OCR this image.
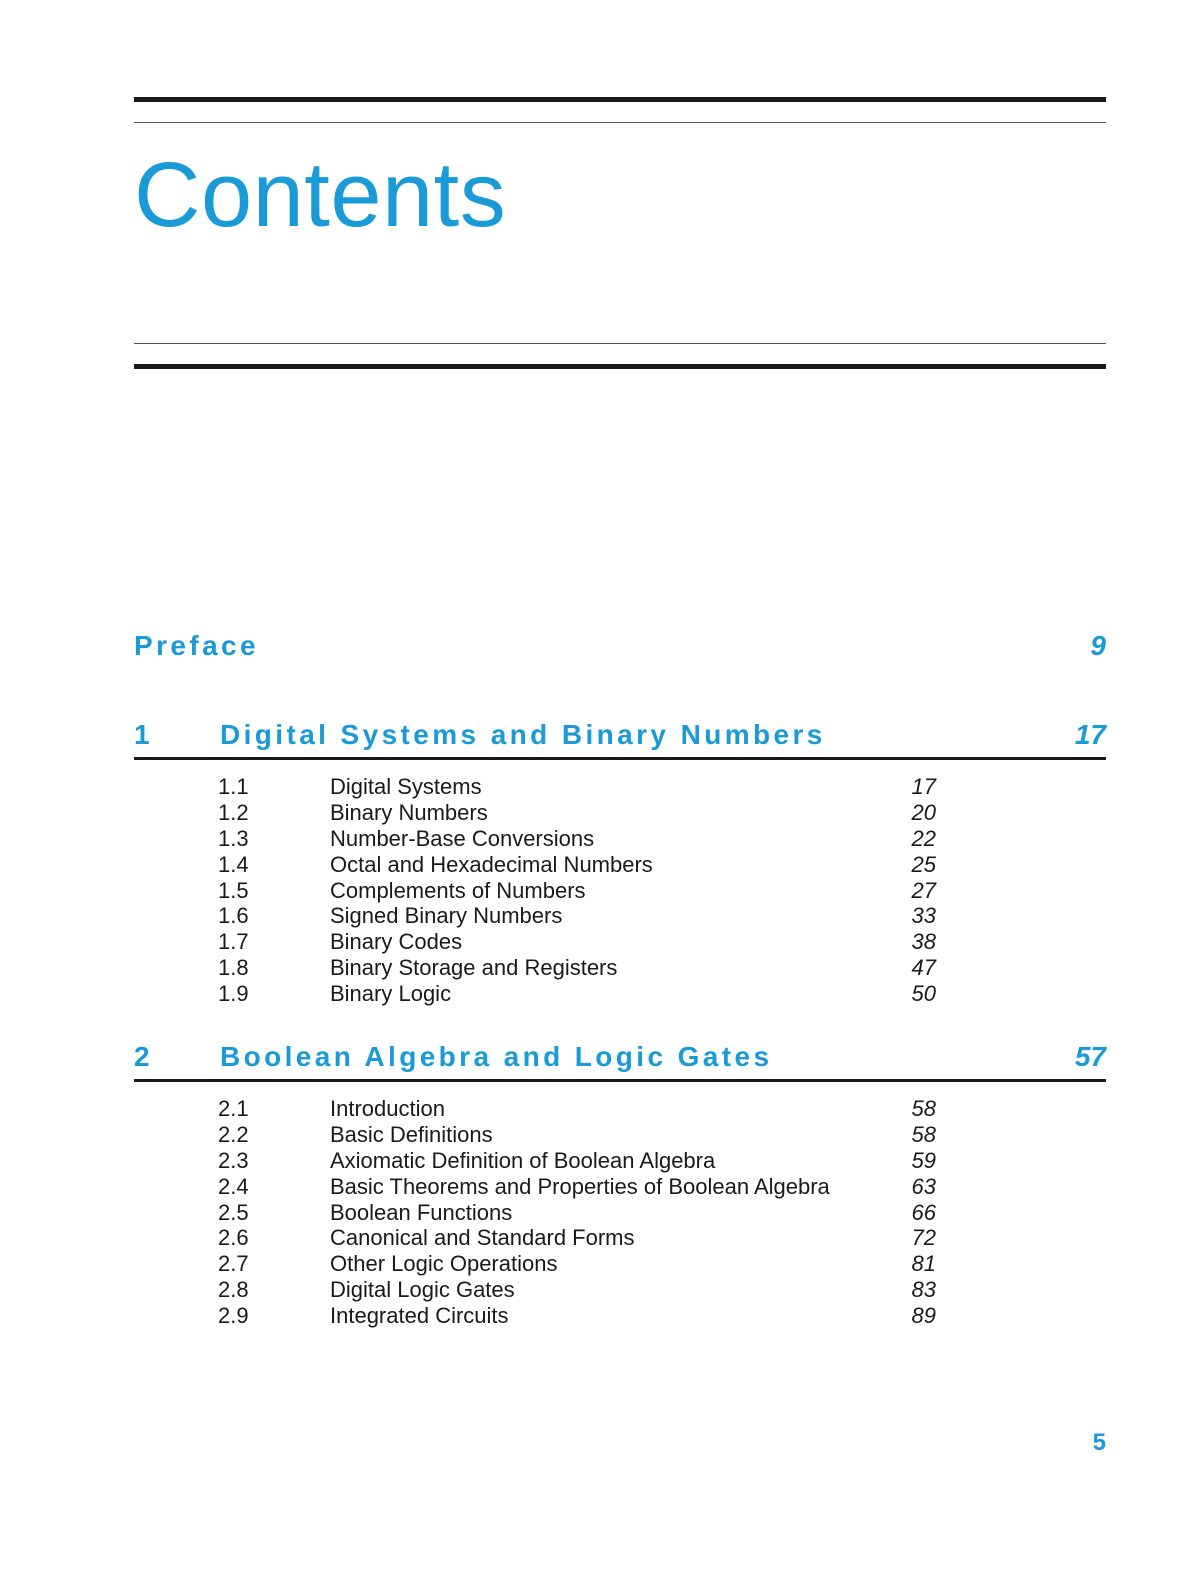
Contents
Preface	9
1	Digital Systems and Binary Numbers	17
1.1	Digital Systems	17
1.2	Binary Numbers	20
1.3	Number-Base Conversions	22
1.4	Octal and Hexadecimal Numbers	25
1.5	Complements of Numbers	27
1.6	Signed Binary Numbers	33
1.7	Binary Codes	38
1.8	Binary Storage and Registers	47
1.9	Binary Logic	50
2	Boolean Algebra and Logic Gates	57
2.1	Introduction	58
2.2	Basic Definitions	58
2.3	Axiomatic Definition of Boolean Algebra	59
2.4	Basic Theorems and Properties of Boolean Algebra	63
2.5	Boolean Functions	66
2.6	Canonical and Standard Forms	72
2.7	Other Logic Operations	81
2.8	Digital Logic Gates	83
2.9	Integrated Circuits	89
5
